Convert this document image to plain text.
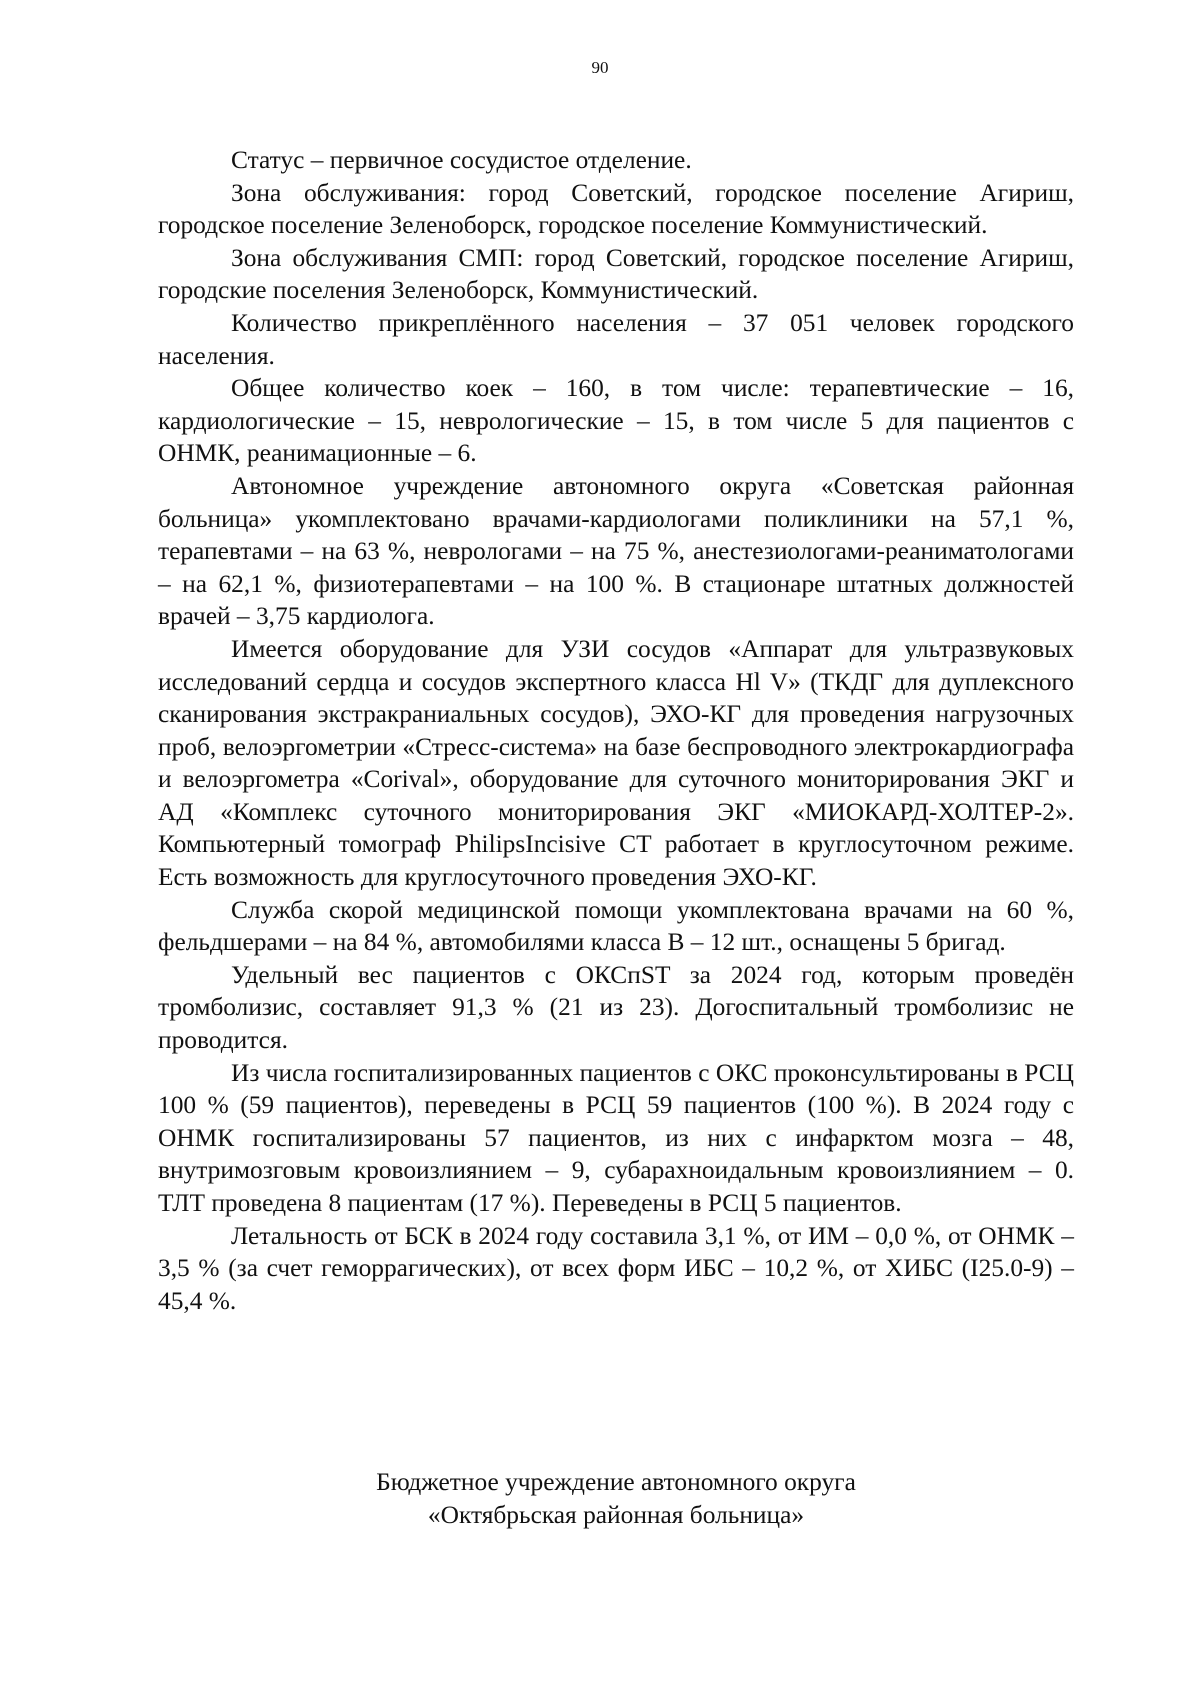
90

Статус – первичное сосудистое отделение.

Зона обслуживания: город Советский, городское поселение Агириш, городское поселение Зеленоборск, городское поселение Коммунистический.

Зона обслуживания СМП: город Советский, городское поселение Агириш, городские поселения Зеленоборск, Коммунистический.

Количество прикреплённого населения – 37 051 человек городского населения.

Общее количество коек – 160, в том числе: терапевтические – 16, кардиологические – 15, неврологические – 15, в том числе 5 для пациентов с ОНМК, реанимационные – 6.

Автономное учреждение автономного округа «Советская районная больница» укомплектовано врачами-кардиологами поликлиники на 57,1 %, терапевтами – на 63 %, неврологами – на 75 %, анестезиологами-реаниматологами – на 62,1 %, физиотерапевтами – на 100 %. В стационаре штатных должностей врачей – 3,75 кардиолога.

Имеется оборудование для УЗИ сосудов «Аппарат для ультразвуковых исследований сердца и сосудов экспертного класса Hl V» (ТКДГ для дуплексного сканирования экстракраниальных сосудов), ЭХО-КГ для проведения нагрузочных проб, велоэргометрии «Стресс-система» на базе беспроводного электрокардиографа и велоэргометра «Corival», оборудование для суточного мониторирования ЭКГ и АД «Комплекс суточного мониторирования ЭКГ «МИОКАРД-ХОЛТЕР-2». Компьютерный томограф PhilipsIncisive CT работает в круглосуточном режиме. Есть возможность для круглосуточного проведения ЭХО-КГ.

Служба скорой медицинской помощи укомплектована врачами на 60 %, фельдшерами – на 84 %, автомобилями класса В – 12 шт., оснащены 5 бригад.

Удельный вес пациентов с ОКСпST за 2024 год, которым проведён тромболизис, составляет 91,3 % (21 из 23). Догоспитальный тромболизис не проводится.

Из числа госпитализированных пациентов с ОКС проконсультированы в РСЦ 100 % (59 пациентов), переведены в РСЦ 59 пациентов (100 %). В 2024 году с ОНМК госпитализированы 57 пациентов, из них с инфарктом мозга – 48, внутримозговым кровоизлиянием – 9, субарахноидальным кровоизлиянием – 0. ТЛТ проведена 8 пациентам (17 %). Переведены в РСЦ 5 пациентов.

Летальность от БСК в 2024 году составила 3,1 %, от ИМ – 0,0 %, от ОНМК – 3,5 % (за счет геморрагических), от всех форм ИБС – 10,2 %, от ХИБС (I25.0-9) – 45,4 %.

Бюджетное учреждение автономного округа
«Октябрьская районная больница»
